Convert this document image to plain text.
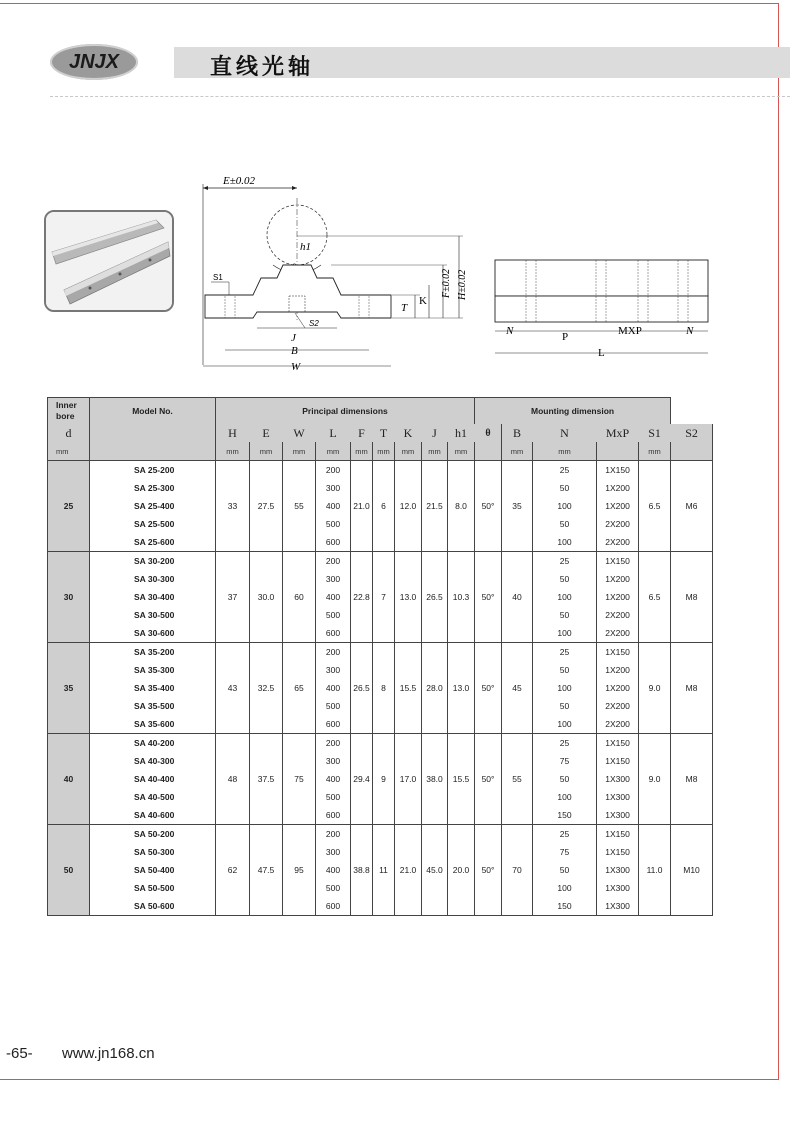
JNJX	直线光轴
E±0.02
h1
S1
S2
T
K
F±0.02 H±0.02
J
B
W
N	P	MXP	N
L
Inner bore	Model No.	Principal dimensions									Mounting dimension					
d		H	E	W	L	F	T	K	J	h1	θ	B	N	MxP	S1	S2
mm		mm	mm	mm	mm	mm	mm	mm	mm	mm		mm	mm		mm	
25	SA 25-200	33	27.5	55	200	21.0	6	12.0	21.5	8.0	50°	35	25	1X150	6.5	M6
	SA 25-300				300								50	1X200		
	SA 25-400				400								100	1X200		
	SA 25-500				500								50	2X200		
	SA 25-600				600								100	2X200		
30	SA 30-200	37	30.0	60	200	22.8	7	13.0	26.5	10.3	50°	40	25	1X150	6.5	M8
	SA 30-300				300								50	1X200		
	SA 30-400				400								100	1X200		
	SA 30-500				500								50	2X200		
	SA 30-600				600								100	2X200		
35	SA 35-200	43	32.5	65	200	26.5	8	15.5	28.0	13.0	50°	45	25	1X150	9.0	M8
	SA 35-300				300								50	1X200		
	SA 35-400				400								100	1X200		
	SA 35-500				500								50	2X200		
	SA 35-600				600								100	2X200		
40	SA 40-200	48	37.5	75	200	29.4	9	17.0	38.0	15.5	50°	55	25	1X150	9.0	M8
	SA 40-300				300								75	1X150		
	SA 40-400				400								50	1X300		
	SA 40-500				500								100	1X300		
	SA 40-600				600								150	1X300		
50	SA 50-200	62	47.5	95	200	38.8	11	21.0	45.0	20.0	50°	70	25	1X150	11.0	M10
	SA 50-300				300								75	1X150		
	SA 50-400				400								50	1X300		
	SA 50-500				500								100	1X300		
	SA 50-600				600								150	1X300		
-65- www.jn168.cn
